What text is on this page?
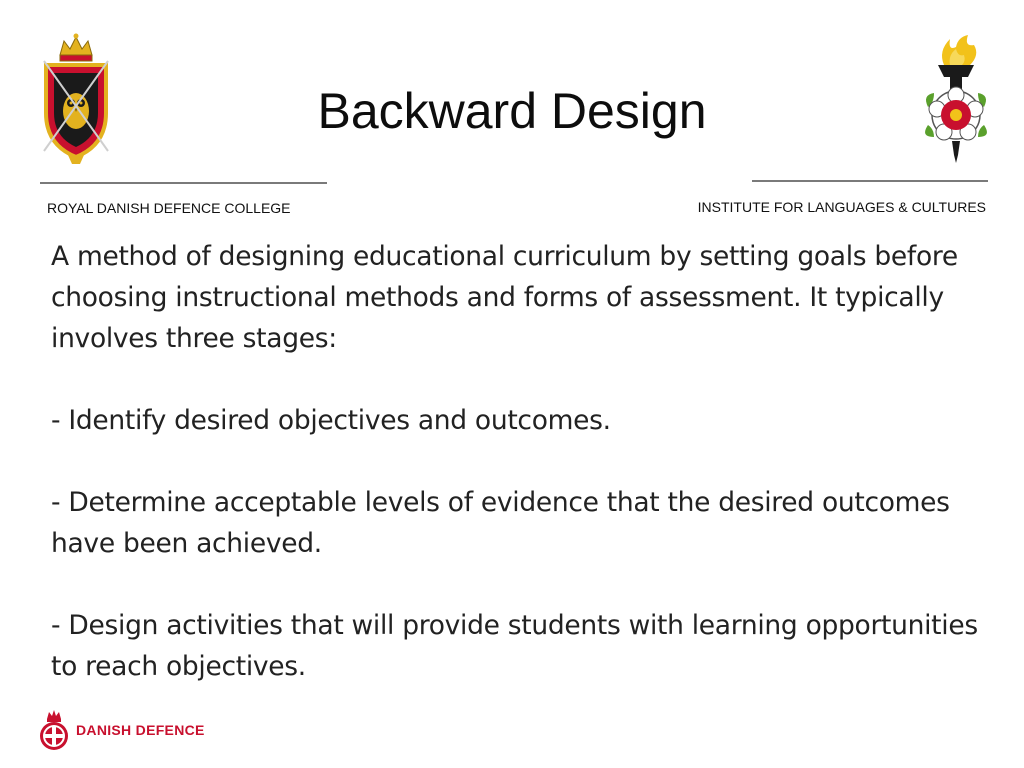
Backward Design
ROYAL DANISH DEFENCE COLLEGE	INSTITUTE FOR LANGUAGES & CULTURES

A method of designing educational curriculum by setting goals before choosing instructional methods and forms of assessment. It typically involves three stages:

- Identify desired objectives and outcomes.

- Determine acceptable levels of evidence that the desired outcomes have been achieved.

- Design activities that will provide students with learning opportunities to reach objectives.

DANISH DEFENCE
